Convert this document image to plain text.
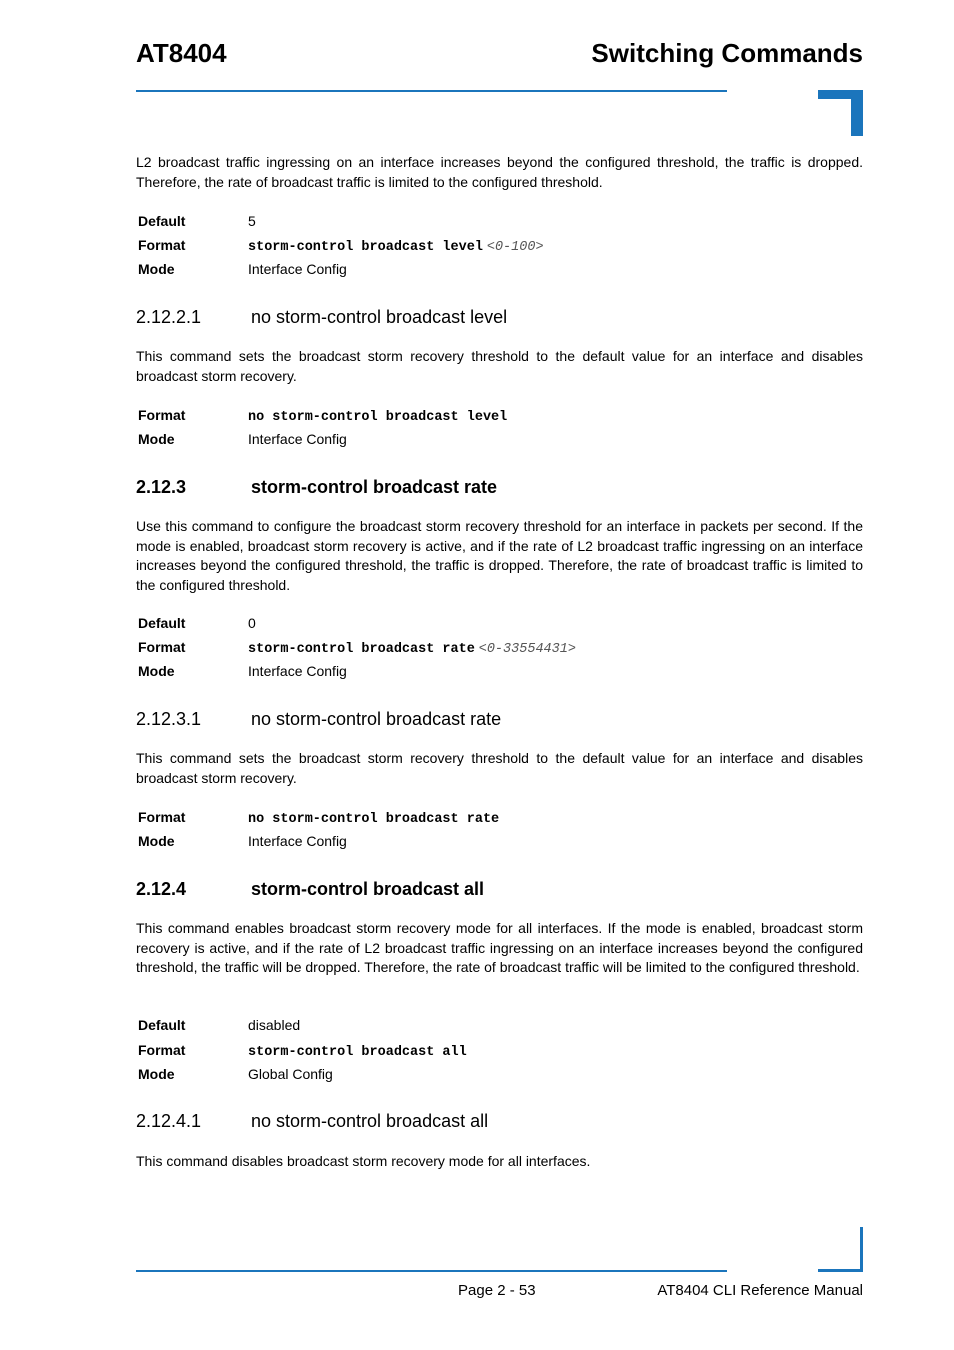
AT8404	Switching Commands

L2 broadcast traffic ingressing on an interface increases beyond the configured threshold, the traffic is dropped. Therefore, the rate of broadcast traffic is limited to the configured threshold.

Default	5
Format	storm-control broadcast level <0-100>
Mode	Interface Config
2.12.2.1	no storm-control broadcast level

This command sets the broadcast storm recovery threshold to the default value for an interface and disables broadcast storm recovery.

Format	no storm-control broadcast level
Mode	Interface Config
2.12.3	storm-control broadcast rate

Use this command to configure the broadcast storm recovery threshold for an interface in packets per second. If the mode is enabled, broadcast storm recovery is active, and if the rate of L2 broadcast traffic ingressing on an interface increases beyond the configured threshold, the traffic is dropped. Therefore, the rate of broadcast traffic is limited to the configured threshold.

Default	0
Format	storm-control broadcast rate <0-33554431>
Mode	Interface Config
2.12.3.1	no storm-control broadcast rate

This command sets the broadcast storm recovery threshold to the default value for an interface and disables broadcast storm recovery.

Format	no storm-control broadcast rate
Mode	Interface Config
2.12.4	storm-control broadcast all

This command enables broadcast storm recovery mode for all interfaces. If the mode is enabled, broadcast storm recovery is active, and if the rate of L2 broadcast traffic ingressing on an interface increases beyond the configured threshold, the traffic will be dropped. Therefore, the rate of broadcast traffic will be limited to the configured threshold.

Default	disabled
Format	storm-control broadcast all
Mode	Global Config
2.12.4.1	no storm-control broadcast all

This command disables broadcast storm recovery mode for all interfaces.

Page 2 - 53	AT8404 CLI Reference Manual
